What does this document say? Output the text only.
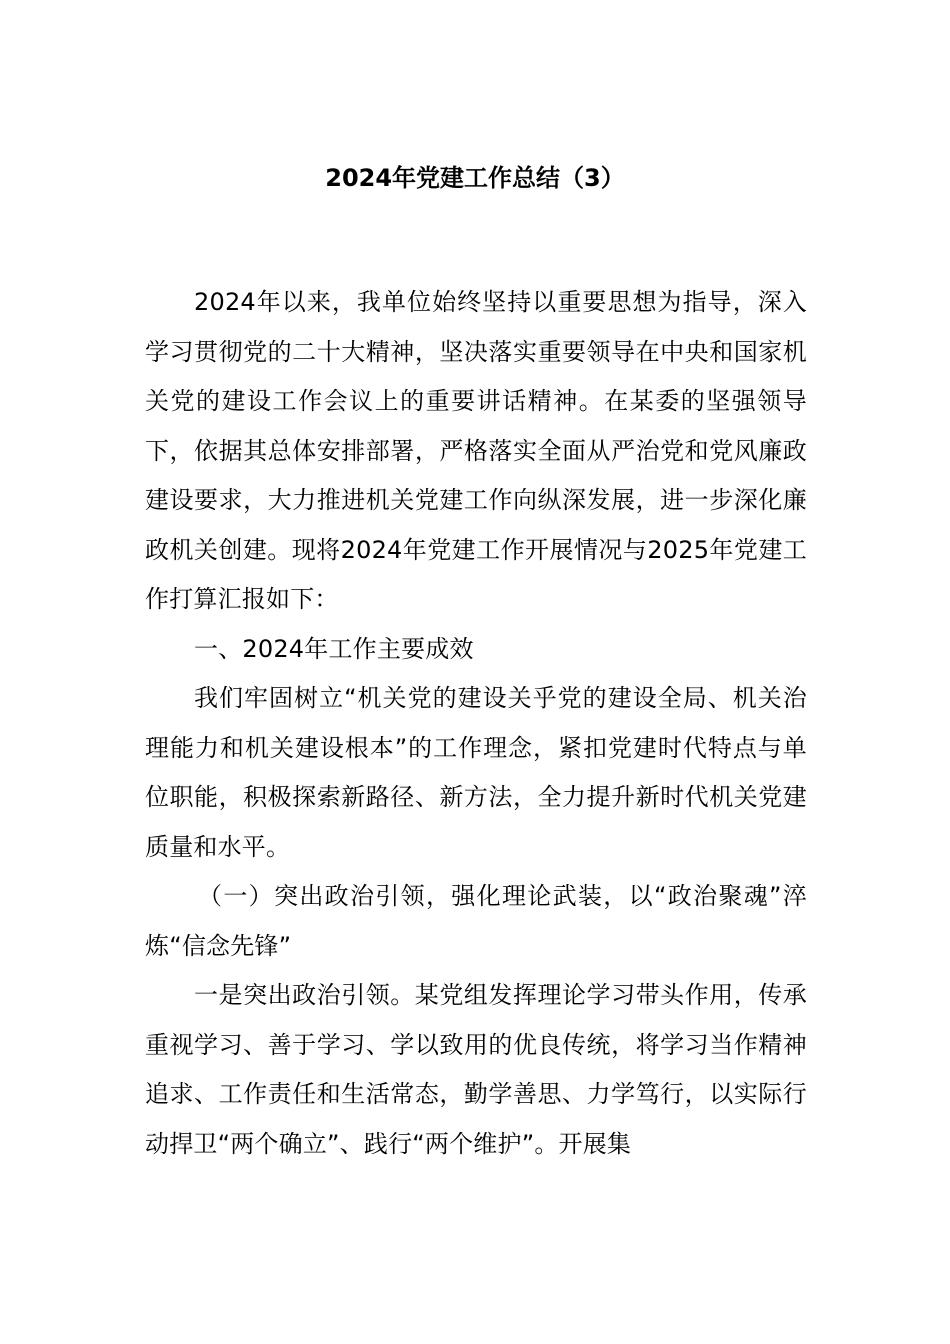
2024年党建工作总结（3）

2024年以来，我单位始终坚持以重要思想为指导，深入学习贯彻党的二十大精神，坚决落实重要领导在中央和国家机关党的建设工作会议上的重要讲话精神。在某委的坚强领导下，依据其总体安排部署，严格落实全面从严治党和党风廉政建设要求，大力推进机关党建工作向纵深发展，进一步深化廉政机关创建。现将2024年党建工作开展情况与2025年党建工作打算汇报如下：

一、2024年工作主要成效

我们牢固树立“机关党的建设关乎党的建设全局、机关治理能力和机关建设根本”的工作理念，紧扣党建时代特点与单位职能，积极探索新路径、新方法，全力提升新时代机关党建质量和水平。

（一）突出政治引领，强化理论武装，以“政治聚魂”淬炼“信念先锋”

一是突出政治引领。某党组发挥理论学习带头作用，传承重视学习、善于学习、学以致用的优良传统，将学习当作精神追求、工作责任和生活常态，勤学善思、力学笃行，以实际行动捍卫“两个确立”、践行“两个维护”。开展集
